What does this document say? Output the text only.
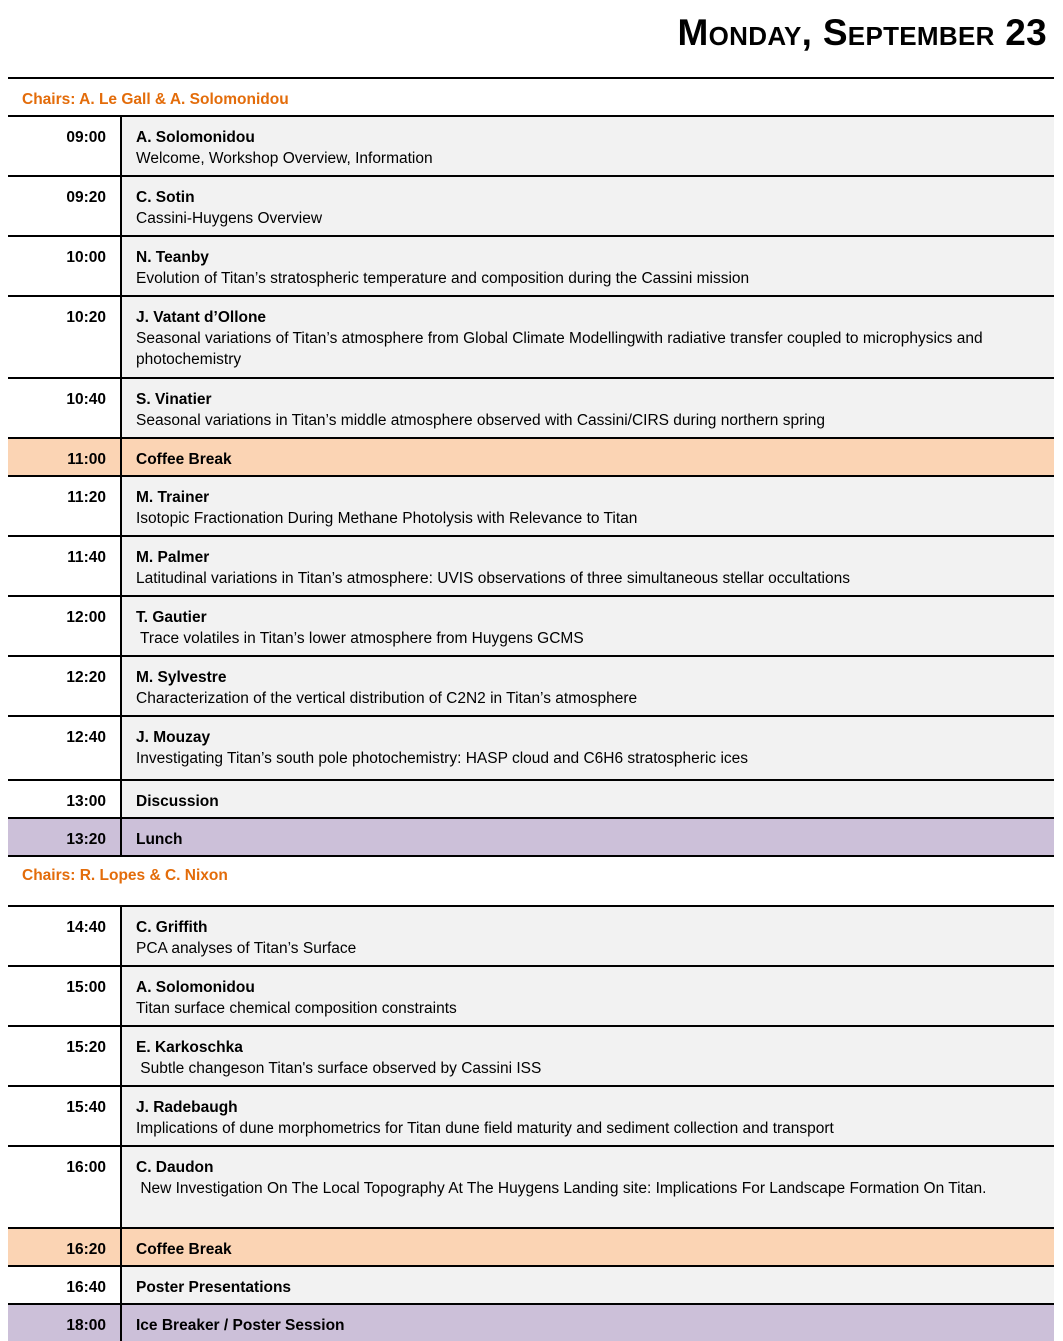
Monday, September 23
Chairs: A. Le Gall & A. Solomonidou
09:00	A. Solomonidou
Welcome, Workshop Overview, Information
09:20	C. Sotin
Cassini-Huygens Overview
10:00	N. Teanby
Evolution of Titan’s stratospheric temperature and composition during the Cassini mission
10:20	J. Vatant d’Ollone
Seasonal variations of Titan’s atmosphere from Global Climate Modellingwith radiative transfer coupled to microphysics and photochemistry
10:40	S. Vinatier
Seasonal variations in Titan’s middle atmosphere observed with Cassini/CIRS during northern spring
11:00	Coffee Break
11:20	M. Trainer
Isotopic Fractionation During Methane Photolysis with Relevance to Titan
11:40	M. Palmer
Latitudinal variations in Titan’s atmosphere: UVIS observations of three simultaneous stellar occultations
12:00	T. Gautier
Trace volatiles in Titan’s lower atmosphere from Huygens GCMS
12:20	M. Sylvestre
Characterization of the vertical distribution of C2N2 in Titan’s atmosphere
12:40	J. Mouzay
Investigating Titan’s south pole photochemistry: HASP cloud and C6H6 stratospheric ices
13:00	Discussion
13:20	Lunch
Chairs: R. Lopes & C. Nixon
14:40	C. Griffith
PCA analyses of Titan’s Surface
15:00	A. Solomonidou
Titan surface chemical composition constraints
15:20	E. Karkoschka
Subtle changeson Titan's surface observed by Cassini ISS
15:40	J. Radebaugh
Implications of dune morphometrics for Titan dune field maturity and sediment collection and transport
16:00	C. Daudon
New Investigation On The Local Topography At The Huygens Landing site: Implications For Landscape Formation On Titan.
16:20	Coffee Break
16:40	Poster Presentations
18:00	Ice Breaker / Poster Session
